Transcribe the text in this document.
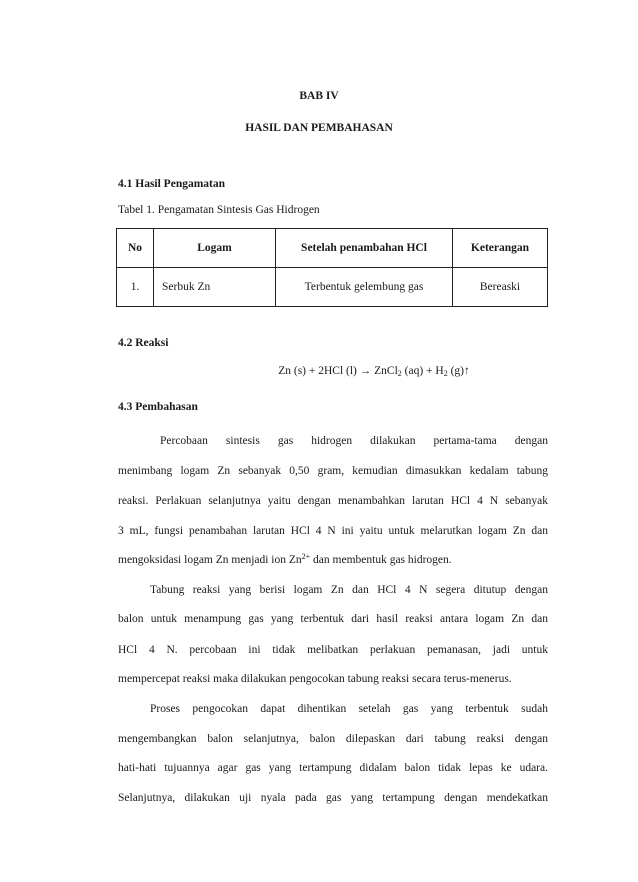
BAB IV
HASIL DAN PEMBAHASAN
4.1 Hasil Pengamatan
Tabel 1. Pengamatan Sintesis Gas Hidrogen
No	Logam	Setelah penambahan HCl	Keterangan
1.	Serbuk Zn	Terbentuk gelembung gas	Bereaski
4.2 Reaksi
Zn (s) + 2HCl (l) → ZnCl$_2$ $(aq) + H_2$ (g)↑
4.3 Pembahasan
Percobaan sintesis gas hidrogen dilakukan pertama-tama dengan
menimbang logam Zn sebanyak 0,50 gram, kemudian dimasukkan kedalam tabung
reaksi. Perlakuan selanjutnya yaitu dengan menambahkan larutan HCl 4 N sebanyak
3 mL, fungsi penambahan larutan HCl 4 N ini yaitu untuk melarutkan logam Zn dan
mengoksidasi logam Zn menjadi ion $Zn^{2+}$ dan membentuk gas hidrogen.
Tabung reaksi yang berisi logam Zn dan HCl 4 N segera ditutup dengan
balon untuk menampung gas yang terbentuk dari hasil reaksi antara logam Zn dan
HCl 4 N. percobaan ini tidak melibatkan perlakuan pemanasan, jadi untuk
mempercepat reaksi maka dilakukan pengocokan tabung reaksi secara terus-menerus.
Proses pengocokan dapat dihentikan setelah gas yang terbentuk sudah
mengembangkan balon selanjutnya, balon dilepaskan dari tabung reaksi dengan
hati-hati tujuannya agar gas yang tertampung didalam balon tidak lepas ke udara.
Selanjutnya, dilakukan uji nyala pada gas yang tertampung dengan mendekatkan
